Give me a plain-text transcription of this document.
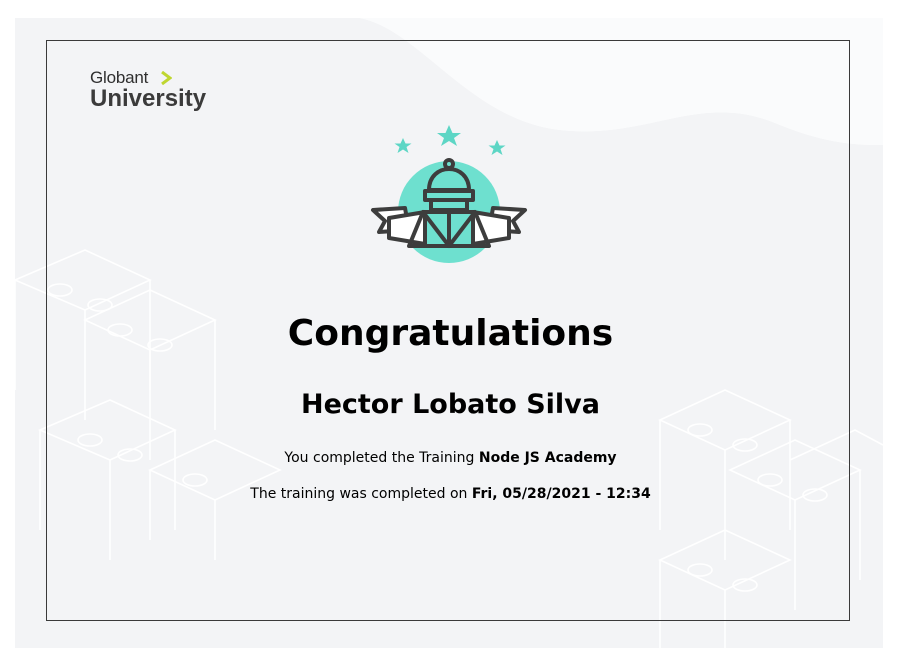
Globant
University
Congratulations
Hector Lobato Silva
You completed the Training Node JS Academy
The training was completed on Fri, 05/28/2021 - 12:34
